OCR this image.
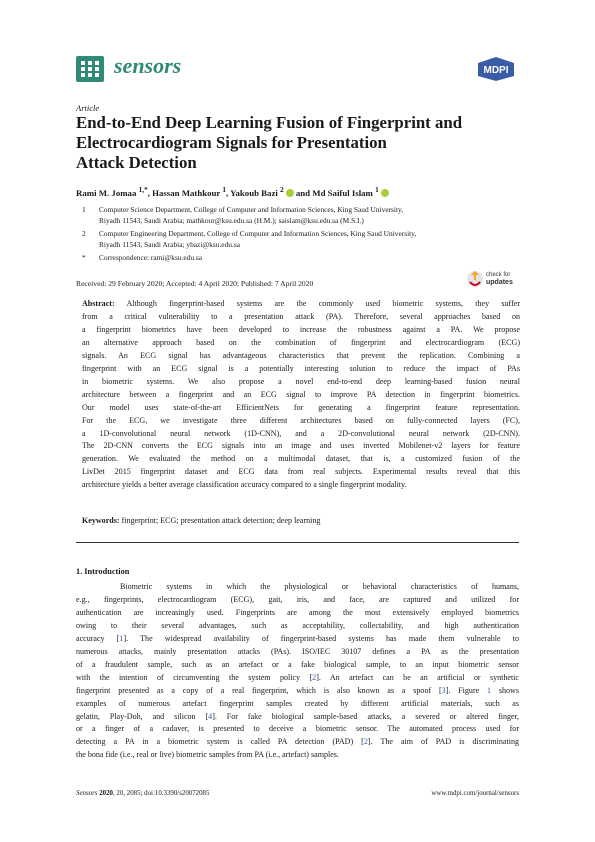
sensors	MDPI
Article
End-to-End Deep Learning Fusion of Fingerprint and
Electrocardiogram Signals for Presentation
Attack Detection
Rami M. Jomaa $^{1,*}$, Hassan Mathkour $^1$, Yakoub Bazi $^2$ and Md Saiful Islam $^1$
1 Computer Science Department, College of Computer and Information Sciences, King Saud University,
Riyadh 11543, Saudi Arabia; mathkour@ksu.edu.sa (H.M.); saislam@ksu.edu.sa (M.S.I.)
2 Computer Engineering Department, College of Computer and Information Sciences, King Saud University,
Riyadh 11543, Saudi Arabia; ybazi@ksu.edu.sa
* Correspondence: rami@ksu.edu.sa
Received: 29 February 2020; Accepted: 4 April 2020; Published: 7 April 2020
check for
updates
Abstract: Although fingerprint-based systems are the commonly used biometric systems, they suffer
from a critical vulnerability to a presentation attack (PA). Therefore, several approaches based on
a fingerprint biometrics have been developed to increase the robustness against a PA. We propose
an alternative approach based on the combination of fingerprint and electrocardiogram (ECG)
signals. An ECG signal has advantageous characteristics that prevent the replication. Combining a
fingerprint with an ECG signal is a potentially interesting solution to reduce the impact of PAs
in biometric systems. We also propose a novel end-to-end deep learning-based fusion neural
architecture between a fingerprint and an ECG signal to improve PA detection in fingerprint biometrics.
Our model uses state-of-the-art EfficientNets for generating a fingerprint feature representation.
For the ECG, we investigate three different architectures based on fully-connected layers (FC),
a 1D-convolutional neural network (1D-CNN), and a 2D-convolutional neural network (2D-CNN).
The 2D-CNN converts the ECG signals into an image and uses inverted Mobilenet-v2 layers for feature
generation. We evaluated the method on a multimodal dataset, that is, a customized fusion of the
LivDet 2015 fingerprint dataset and ECG data from real subjects. Experimental results reveal that this
architecture yields a better average classification accuracy compared to a single fingerprint modality.
Keywords: fingerprint; ECG; presentation attack detection; deep learning
1. Introduction
Biometric systems in which the physiological or behavioral characteristics of humans,
e.g., fingerprints, electrocardiogram (ECG), gait, iris, and face, are captured and utilized for
authentication are increasingly used. Fingerprints are among the most extensively employed biometrics
owing to their several advantages, such as acceptability, collectability, and high authentication
accuracy [1]. The widespread availability of fingerprint-based systems has made them vulnerable to
numerous attacks, mainly presentation attacks (PAs). ISO/IEC 30107 defines a PA as the presentation
of a fraudulent sample, such as an artefact or a fake biological sample, to an input biometric sensor
with the intention of circumventing the system policy [2]. An artefact can be an artificial or synthetic
fingerprint presented as a copy of a real fingerprint, which is also known as a spoof [3]. Figure 1 shows
examples of numerous artefact fingerprint samples created by different artificial materials, such as
gelatin, Play-Doh, and silicon [4]. For fake biological sample-based attacks, a severed or altered finger,
or a finger of a cadaver, is presented to deceive a biometric sensor. The automated process used for
detecting a PA in a biometric system is called PA detection (PAD) [2]. The aim of PAD is discriminating
the bona fide (i.e., real or live) biometric samples from PA (i.e., artefact) samples.
Sensors 2020, 20, 2085; doi:10.3390/s20072085	www.mdpi.com/journal/sensors
